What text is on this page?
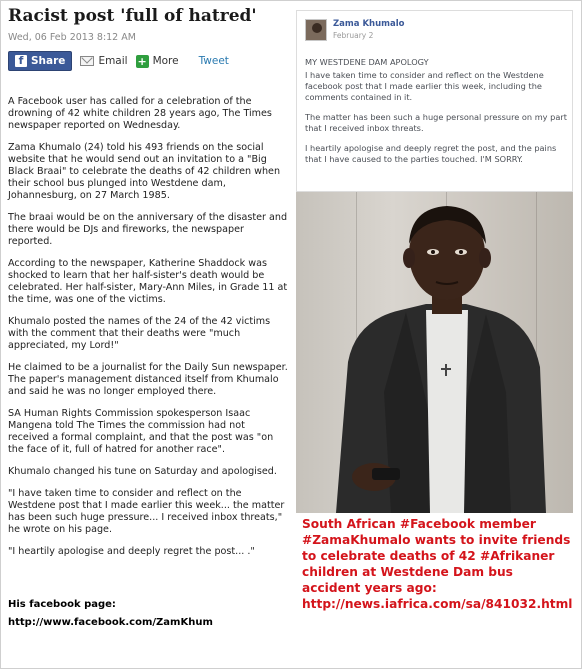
Racist post 'full of hatred'
Wed, 06 Feb 2013 8:12 AM
f Share	Email + More Tweet

A Facebook user has called for a celebration of the drowning of 42 white children 28 years ago, The Times newspaper reported on Wednesday.

Zama Khumalo (24) told his 493 friends on the social website that he would send out an invitation to a "Big Black Braai" to celebrate the deaths of 42 children when their school bus plunged into Westdene dam, Johannesburg, on 27 March 1985.

The braai would be on the anniversary of the disaster and there would be DJs and fireworks, the newspaper reported.

According to the newspaper, Katherine Shaddock was shocked to learn that her half-sister's death would be celebrated. Her half-sister, Mary-Ann Miles, in Grade 11 at the time, was one of the victims.

Khumalo posted the names of the 24 of the 42 victims with the comment that their deaths were "much appreciated, my Lord!"

He claimed to be a journalist for the Daily Sun newspaper. The paper's management distanced itself from Khumalo and said he was no longer employed there.

SA Human Rights Commission spokesperson Isaac Mangena told The Times the commission had not received a formal complaint, and that the post was "on the face of it, full of hatred for another race".

Khumalo changed his tune on Saturday and apologised.

"I have taken time to consider and reflect on the Westdene post that I made earlier this week... the matter has been such huge pressure... I received inbox threats," he wrote on his page.

"I heartily apologise and deeply regret the post... ."

His facebook page:
http://www.facebook.com/ZamKhum
Zama Khumalo
February 2

MY WESTDENE DAM APOLOGY

I have taken time to consider and reflect on the Westdene facebook post that I made earlier this week, including the comments contained in it.

The matter has been such a huge personal pressure on my part that I received inbox threats.

I heartily apologise and deeply regret the post, and the pains that I have caused to the parties touched. I'M SORRY.

South African #Facebook member #ZamaKhumalo wants to invite friends to celebrate deaths of 42 #Afrikaner children at Westdene Dam bus accident years ago: http://news.iafrica.com/sa/841032.html
